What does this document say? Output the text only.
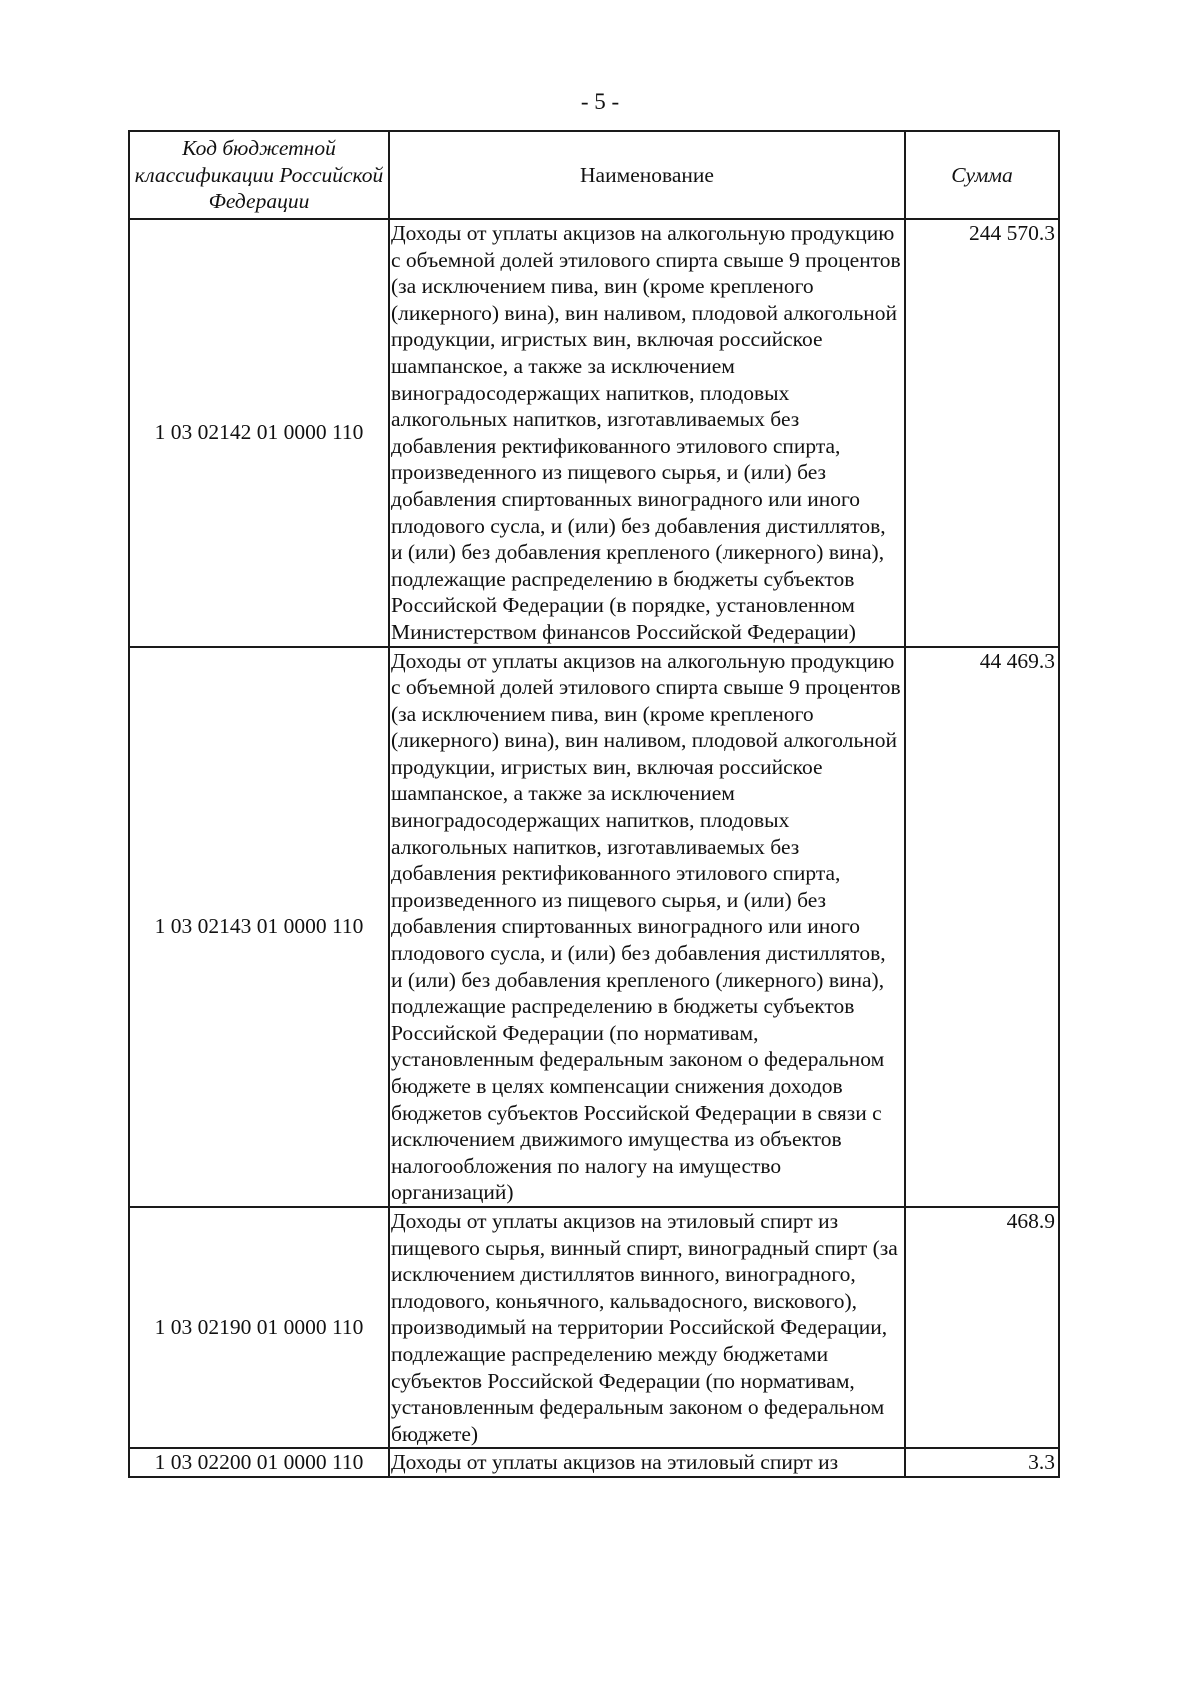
- 5 -
Код бюджетной классификации Российской Федерации	Наименование	Сумма
1 03 02142 01 0000 110	Доходы от уплаты акцизов на алкогольную продукцию с объемной долей этилового спирта свыше 9 процентов (за исключением пива, вин (кроме крепленого (ликерного) вина), вин наливом, плодовой алкогольной продукции, игристых вин, включая российское шампанское, а также за исключением виноградосодержащих напитков, плодовых алкогольных напитков, изготавливаемых без добавления ректификованного этилового спирта, произведенного из пищевого сырья, и (или) без добавления спиртованных виноградного или иного плодового сусла, и (или) без добавления дистиллятов, и (или) без добавления крепленого (ликерного) вина), подлежащие распределению в бюджеты субъектов Российской Федерации (в порядке, установленном Министерством финансов Российской Федерации)	244 570.3
1 03 02143 01 0000 110	Доходы от уплаты акцизов на алкогольную продукцию с объемной долей этилового спирта свыше 9 процентов (за исключением пива, вин (кроме крепленого (ликерного) вина), вин наливом, плодовой алкогольной продукции, игристых вин, включая российское шампанское, а также за исключением виноградосодержащих напитков, плодовых алкогольных напитков, изготавливаемых без добавления ректификованного этилового спирта, произведенного из пищевого сырья, и (или) без добавления спиртованных виноградного или иного плодового сусла, и (или) без добавления дистиллятов, и (или) без добавления крепленого (ликерного) вина), подлежащие распределению в бюджеты субъектов Российской Федерации (по нормативам, установленным федеральным законом о федеральном бюджете в целях компенсации снижения доходов бюджетов субъектов Российской Федерации в связи с исключением движимого имущества из объектов налогообложения по налогу на имущество организаций)	44 469.3
1 03 02190 01 0000 110	Доходы от уплаты акцизов на этиловый спирт из пищевого сырья, винный спирт, виноградный спирт (за исключением дистиллятов винного, виноградного, плодового, коньячного, кальвадосного, вискового), производимый на территории Российской Федерации, подлежащие распределению между бюджетами субъектов Российской Федерации (по нормативам, установленным федеральным законом о федеральном бюджете)	468.9
1 03 02200 01 0000 110	Доходы от уплаты акцизов на этиловый спирт из	3.3
